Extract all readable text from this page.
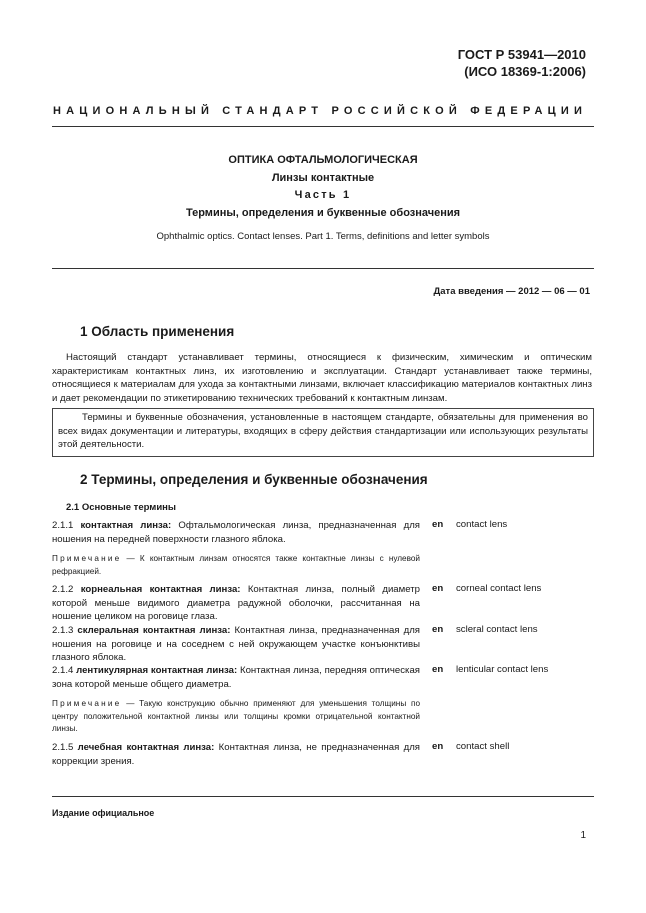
ГОСТ Р 53941—2010
(ИСО 18369-1:2006)
НАЦИОНАЛЬНЫЙ СТАНДАРТ РОССИЙСКОЙ ФЕДЕРАЦИИ
ОПТИКА ОФТАЛЬМОЛОГИЧЕСКАЯ
Линзы контактные
Часть 1
Термины, определения и буквенные обозначения
Ophthalmic optics. Contact lenses. Part 1. Terms, definitions and letter symbols
Дата введения — 2012 — 06 — 01
1 Область применения
Настоящий стандарт устанавливает термины, относящиеся к физическим, химическим и оптическим характеристикам контактных линз, их изготовлению и эксплуатации. Стандарт устанавливает также термины, относящиеся к материалам для ухода за контактными линзами, включает классификацию материалов контактных линз и дает рекомендации по этикетированию технических требований к контактным линзам.
Термины и буквенные обозначения, установленные в настоящем стандарте, обязательны для применения во всех видах документации и литературы, входящих в сферу действия стандартизации или использующих результаты этой деятельности.
2 Термины, определения и буквенные обозначения
2.1 Основные термины
2.1.1 контактная линза: Офтальмологическая линза, предназначенная для ношения на передней поверхности глазного яблока.
en contact lens
Примечание — К контактным линзам относятся также контактные линзы с нулевой рефракцией.
2.1.2 корнеальная контактная линза: Контактная линза, полный диаметр которой меньше видимого диаметра радужной оболочки, рассчитанная на ношение целиком на роговице глаза.
en corneal contact lens
2.1.3 склеральная контактная линза: Контактная линза, предназначенная для ношения на роговице и на соседнем с ней окружающем участке конъюнктивы глазного яблока.
en scleral contact lens
2.1.4 лентикулярная контактная линза: Контактная линза, передняя оптическая зона которой меньше общего диаметра.
en lenticular contact lens
Примечание — Такую конструкцию обычно применяют для уменьшения толщины по центру положительной контактной линзы или толщины кромки отрицательной контактной линзы.
2.1.5 лечебная контактная линза: Контактная линза, не предназначенная для коррекции зрения.
en contact shell
Издание официальное
1
